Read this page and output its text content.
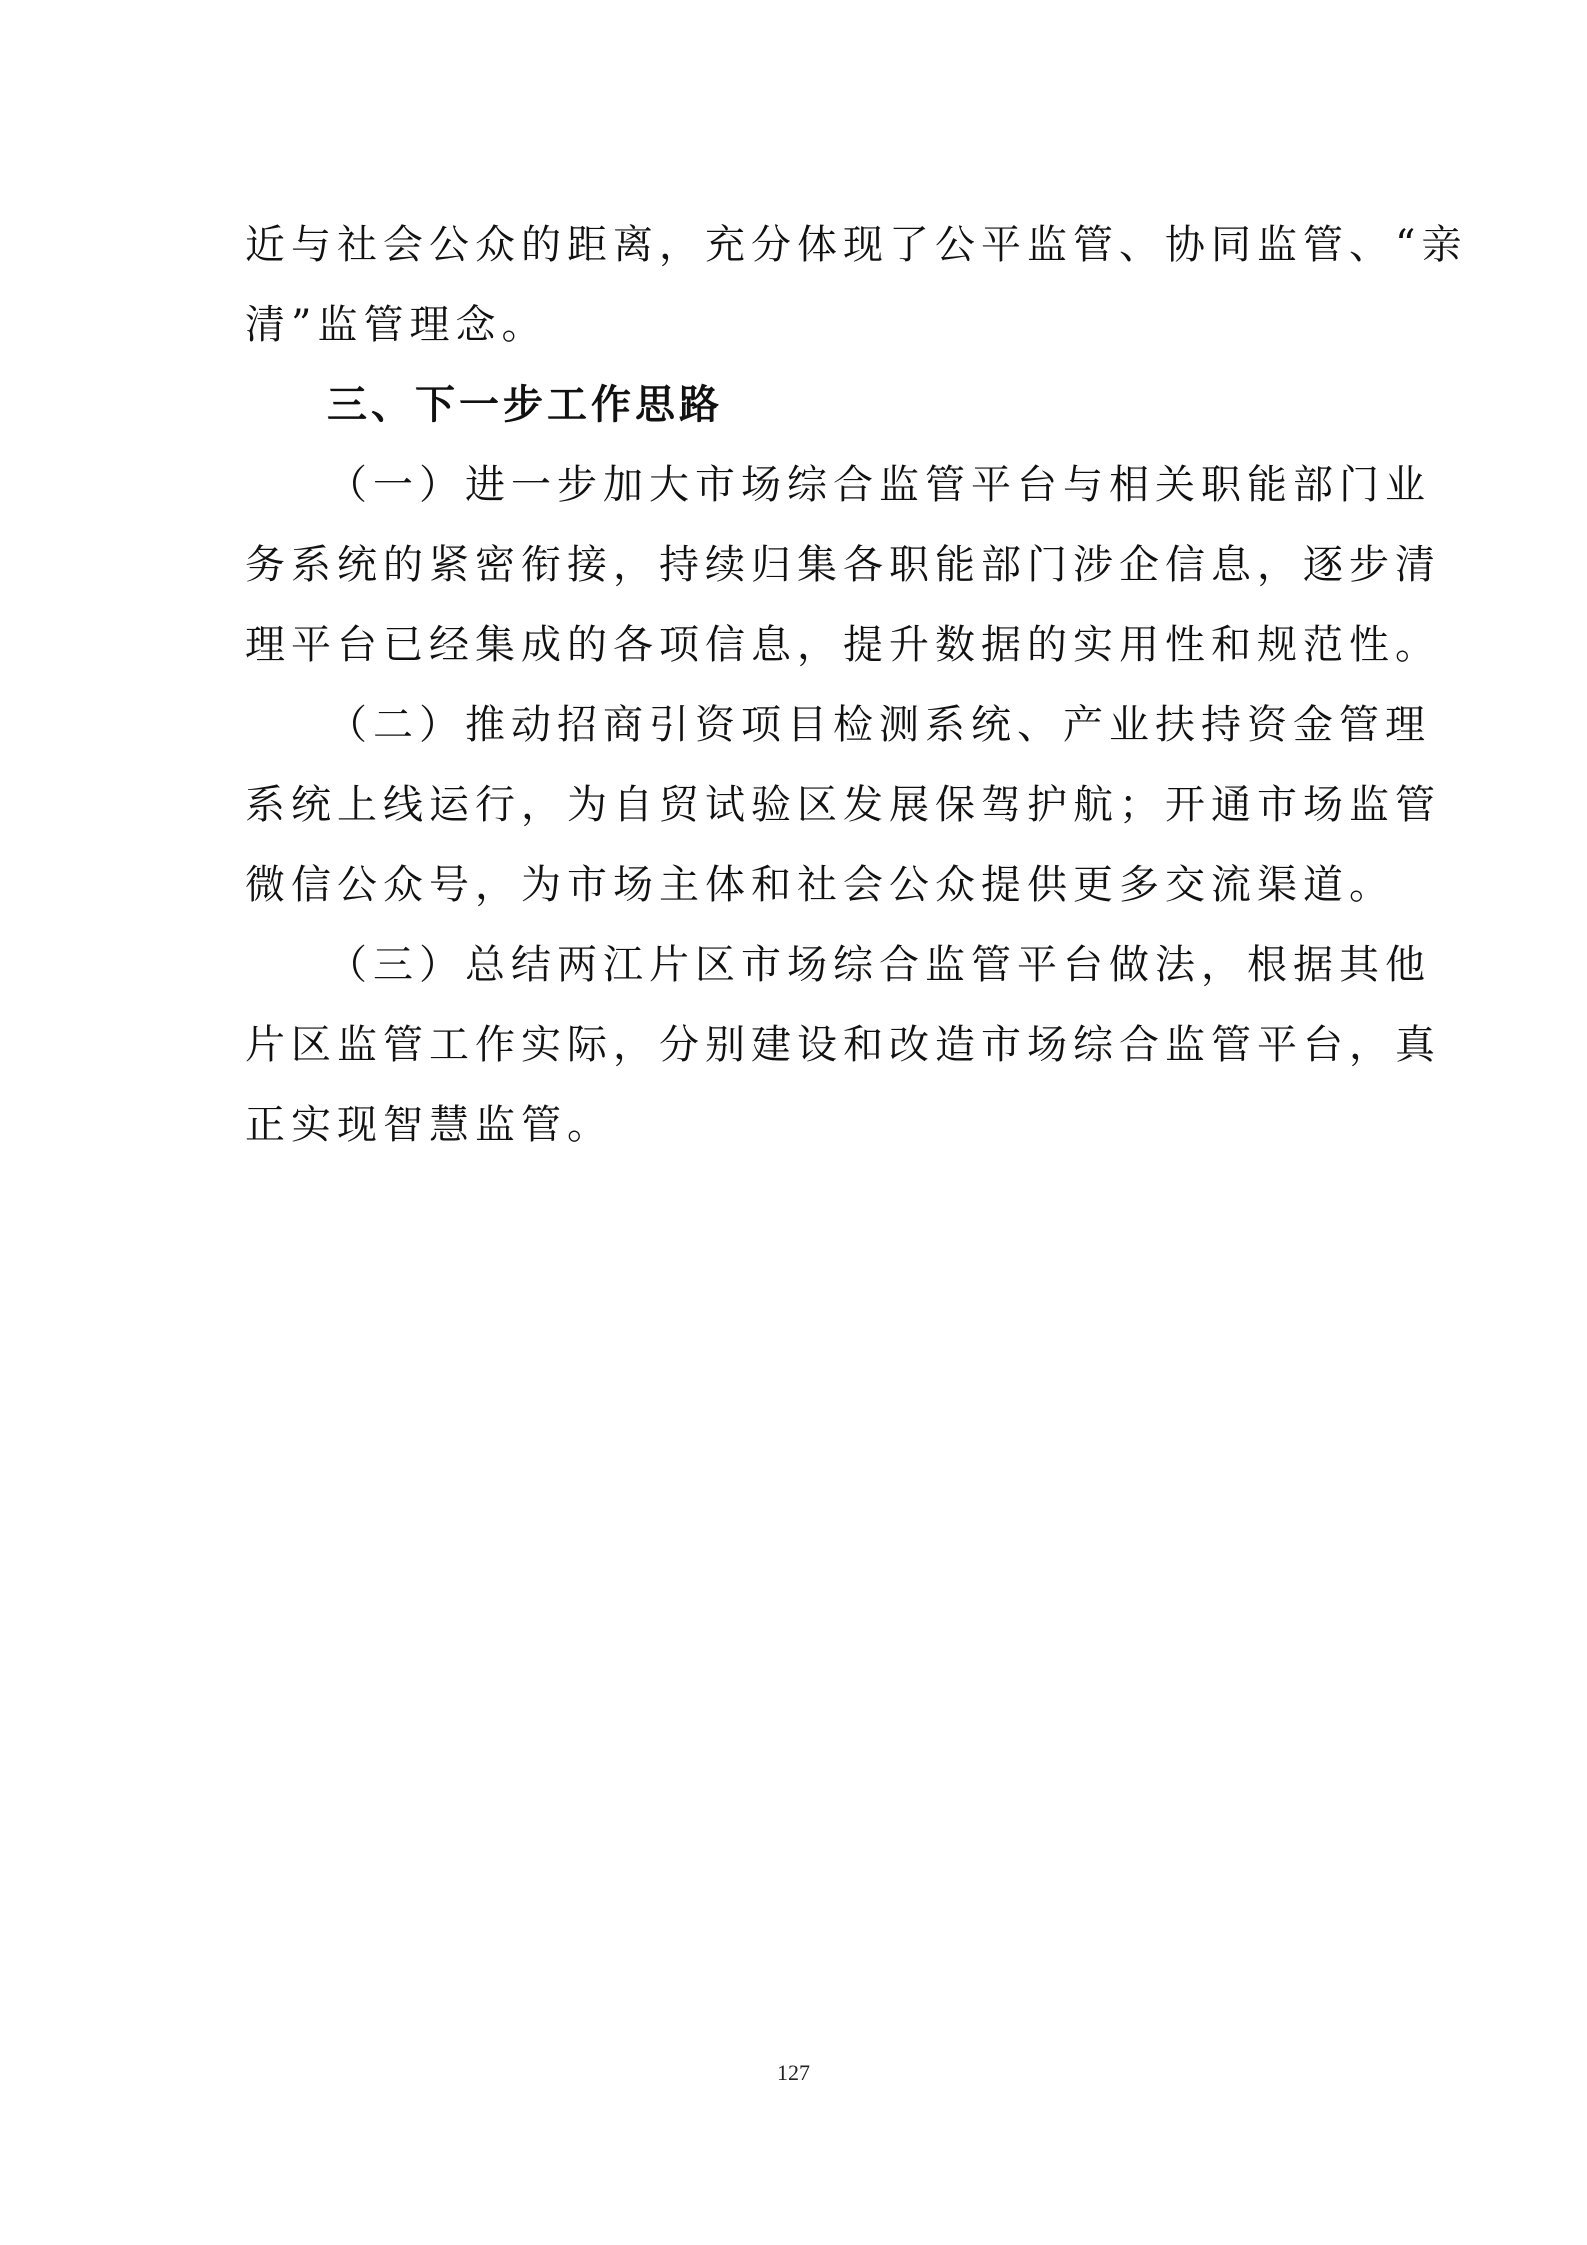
近与社会公众的距离，充分体现了公平监管、协同监管、“亲
清”监管理念。
三、下一步工作思路
（一）进一步加大市场综合监管平台与相关职能部门业
务系统的紧密衔接，持续归集各职能部门涉企信息，逐步清
理平台已经集成的各项信息，提升数据的实用性和规范性。
（二）推动招商引资项目检测系统、产业扶持资金管理
系统上线运行，为自贸试验区发展保驾护航；开通市场监管
微信公众号，为市场主体和社会公众提供更多交流渠道。
（三）总结两江片区市场综合监管平台做法，根据其他
片区监管工作实际，分别建设和改造市场综合监管平台，真
正实现智慧监管。
127
